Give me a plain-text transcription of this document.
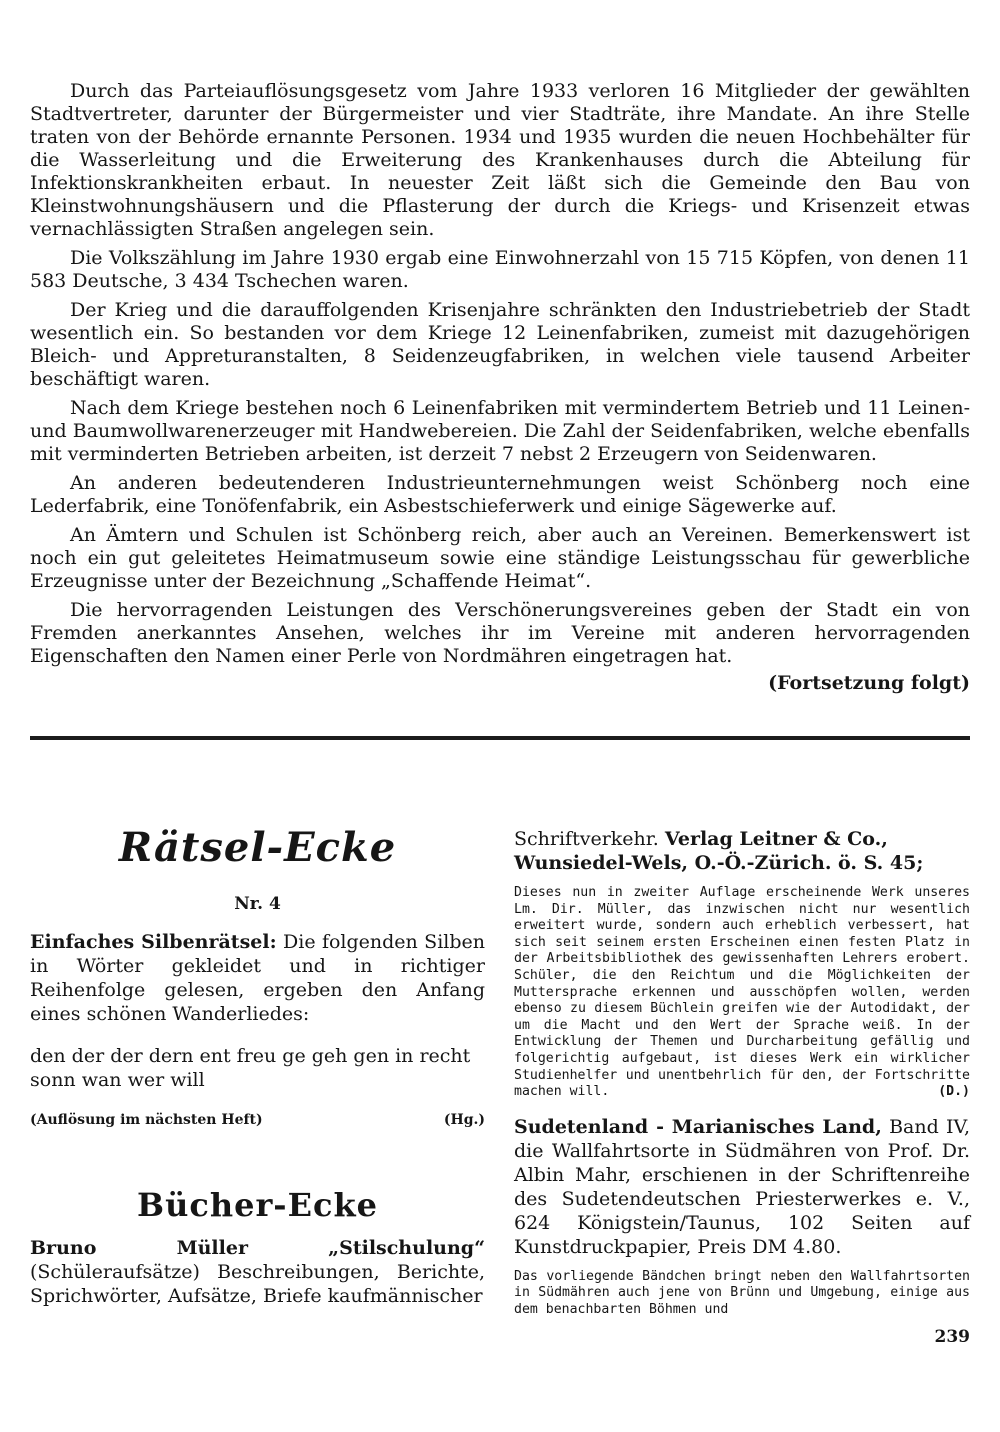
Durch das Parteiauflösungsgesetz vom Jahre 1933 verloren 16 Mitglieder der gewählten Stadtvertreter, darunter der Bürgermeister und vier Stadträte, ihre Mandate. An ihre Stelle traten von der Behörde ernannte Personen. 1934 und 1935 wurden die neuen Hochbehälter für die Wasserleitung und die Erweiterung des Krankenhauses durch die Abteilung für Infektionskrankheiten erbaut. In neuester Zeit läßt sich die Gemeinde den Bau von Kleinstwohnungshäusern und die Pflasterung der durch die Kriegs- und Krisenzeit etwas vernachlässigten Straßen angelegen sein.

Die Volkszählung im Jahre 1930 ergab eine Einwohnerzahl von 15 715 Köpfen, von denen 11 583 Deutsche, 3 434 Tschechen waren.

Der Krieg und die darauffolgenden Krisenjahre schränkten den Industriebetrieb der Stadt wesentlich ein. So bestanden vor dem Kriege 12 Leinenfabriken, zumeist mit dazugehörigen Bleich- und Appreturanstalten, 8 Seidenzeugfabriken, in welchen viele tausend Arbeiter beschäftigt waren.

Nach dem Kriege bestehen noch 6 Leinenfabriken mit vermindertem Betrieb und 11 Leinen- und Baumwollwarenerzeuger mit Handwebereien. Die Zahl der Seidenfabriken, welche ebenfalls mit verminderten Betrieben arbeiten, ist derzeit 7 nebst 2 Erzeugern von Seidenwaren.

An anderen bedeutenderen Industrieunternehmungen weist Schönberg noch eine Lederfabrik, eine Tonöfenfabrik, ein Asbestschieferwerk und einige Sägewerke auf.

An Ämtern und Schulen ist Schönberg reich, aber auch an Vereinen. Bemerkenswert ist noch ein gut geleitetes Heimatmuseum sowie eine ständige Leistungsschau für gewerbliche Erzeugnisse unter der Bezeichnung „Schaffende Heimat“.

Die hervorragenden Leistungen des Verschönerungsvereines geben der Stadt ein von Fremden anerkanntes Ansehen, welches ihr im Vereine mit anderen hervorragenden Eigenschaften den Namen einer Perle von Nordmähren eingetragen hat.

(Fortsetzung folgt)
Rätsel-Ecke
Nr. 4

Einfaches Silbenrätsel: Die folgenden Silben in Wörter gekleidet und in richtiger Reihenfolge gelesen, ergeben den Anfang eines schönen Wanderliedes:

den der der dern ent freu ge geh gen in recht sonn wan wer will
(Auflösung im nächsten Heft)	(Hg.)
Bücher-Ecke

Bruno Müller „Stilschulung“ (Schüleraufsätze) Beschreibungen, Berichte, Sprichwörter, Aufsätze, Briefe kaufmännischer

Schriftverkehr. Verlag Leitner & Co., Wunsiedel-Wels, O.-Ö.-Zürich. ö. S. 45;

Dieses nun in zweiter Auflage erscheinende Werk unseres Lm. Dir. Müller, das inzwischen nicht nur wesentlich erweitert wurde, sondern auch erheblich verbessert, hat sich seit seinem ersten Erscheinen einen festen Platz in der Arbeitsbibliothek des gewissenhaften Lehrers erobert. Schüler, die den Reichtum und die Möglichkeiten der Muttersprache erkennen und ausschöpfen wollen, werden ebenso zu diesem Büchlein greifen wie der Autodidakt, der um die Macht und den Wert der Sprache weiß. In der Entwicklung der Themen und Durcharbeitung gefällig und folgerichtig aufgebaut, ist dieses Werk ein wirklicher Studienhelfer und unentbehrlich für den, der Fortschritte machen will.	(D.)

Sudetenland - Marianisches Land, Band IV, die Wallfahrtsorte in Südmähren von Prof. Dr. Albin Mahr, erschienen in der Schriftenreihe des Sudetendeutschen Priesterwerkes e. V., 624 Königstein/Taunus, 102 Seiten auf Kunstdruckpapier, Preis DM 4.80.

Das vorliegende Bändchen bringt neben den Wallfahrtsorten in Südmähren auch jene von Brünn und Umgebung, einige aus dem benachbarten Böhmen und

239
